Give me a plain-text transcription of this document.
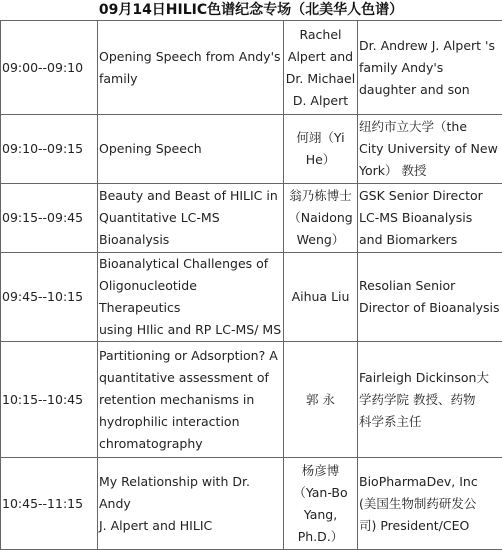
09月14日HILIC色谱纪念专场（北美华人色谱）
09:00--09:10	Opening Speech from Andy's
family	Rachel
Alpert and
Dr. Michael
D. Alpert	Dr. Andrew J. Alpert 's
family Andy's
daughter and son

09:10--09:15	Opening Speech	何翊（Yi
He）	纽约市立大学（the
City University of New
York） 教授

09:15--09:45	Beauty and Beast of HILIC in
Quantitative LC-MS
Bioanalysis	翁乃栋博士
（Naidong
Weng）	GSK Senior Director
LC-MS Bioanalysis
and Biomarkers

09:45--10:15	Bioanalytical Challenges of
Oligonucleotide Therapeutics
using HIlic and RP LC-MS/ MS	Aihua Liu	Resolian Senior
Director of Bioanalysis

10:15--10:45	Partitioning or Adsorption? A
quantitative assessment of
retention mechanisms in
hydrophilic interaction
chromatography	郭 永	Fairleigh Dickinson大
学药学院 教授、药物
科学系主任

10:45--11:15	My Relationship with Dr. Andy
J. Alpert and HILIC	杨彦博
（Yan-Bo
Yang,
Ph.D.）	BioPharmaDev, Inc
(美国生物制药研发公
司) President/CEO
